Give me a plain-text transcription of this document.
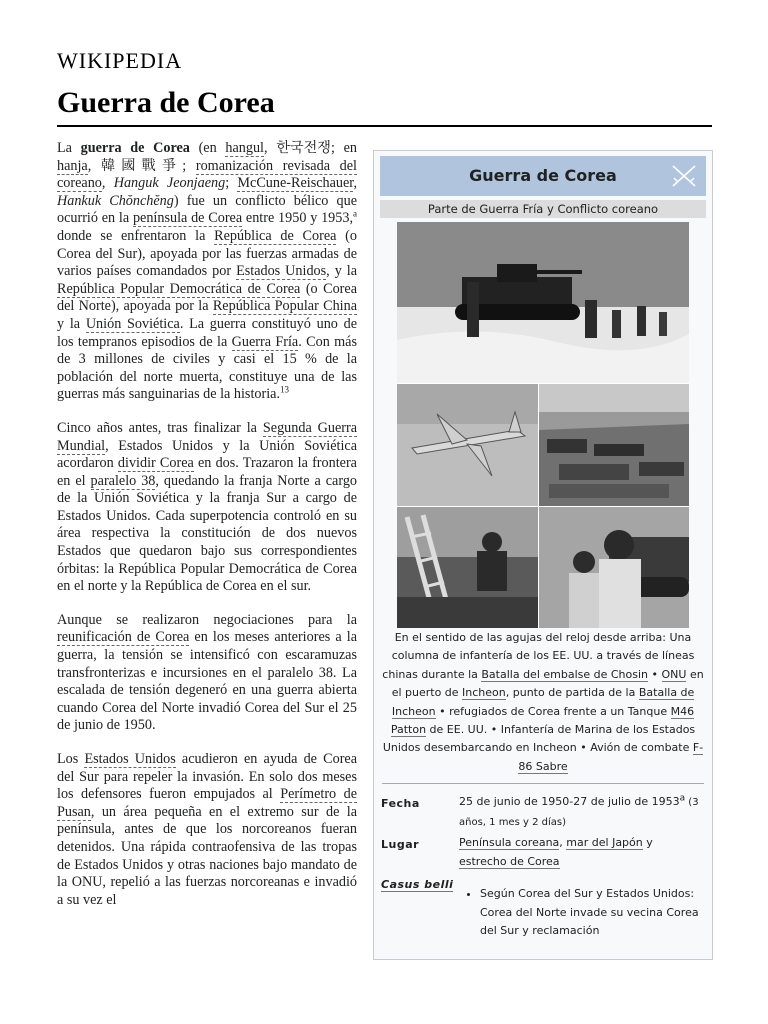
WIKIPEDIA
Guerra de Corea

La guerra de Corea (en hangul, 한국전쟁; en hanja, 韓國戰爭; romanización revisada del coreano, Hanguk Jeonjaeng; McCune-Reischauer, Hankuk Chŏnchĕng) fue un conflicto bélico que ocurrió en la península de Corea entre 1950 y 1953,$^a$ donde se enfrentaron la República de Corea (o Corea del Sur), apoyada por las fuerzas armadas de varios países comandados por Estados Unidos, y la República Popular Democrática de Corea (o Corea del Norte), apoyada por la República Popular China y la Unión Soviética. La guerra constituyó uno de los tempranos episodios de la Guerra Fría. Con más de 3 millones de civiles y casi el 15 % de la población del norte muerta, constituye una de las guerras más sanguinarias de la historia.$^{13}$

Cinco años antes, tras finalizar la Segunda Guerra Mundial, Estados Unidos y la Unión Soviética acordaron dividir Corea en dos. Trazaron la frontera en el paralelo 38, quedando la franja Norte a cargo de la Unión Soviética y la franja Sur a cargo de Estados Unidos. Cada superpotencia controló en su área respectiva la constitución de dos nuevos Estados que quedaron bajo sus correspondientes órbitas: la República Popular Democrática de Corea en el norte y la República de Corea en el sur.

Aunque se realizaron negociaciones para la reunificación de Corea en los meses anteriores a la guerra, la tensión se intensificó con escaramuzas transfronterizas e incursiones en el paralelo 38. La escalada de tensión degeneró en una guerra abierta cuando Corea del Norte invadió Corea del Sur el 25 de junio de 1950.

Los Estados Unidos acudieron en ayuda de Corea del Sur para repeler la invasión. En solo dos meses los defensores fueron empujados al Perímetro de Pusan, un área pequeña en el extremo sur de la península, antes de que los norcoreanos fueran detenidos. Una rápida contraofensiva de las tropas de Estados Unidos y otras naciones bajo mandato de la ONU, repelió a las fuerzas norcoreanas e invadió a su vez el

Guerra de Corea
Parte de Guerra Fría y Conflicto coreano
En el sentido de las agujas del reloj desde arriba: Una columna de infantería de los EE. UU. a través de líneas chinas durante la Batalla del embalse de Chosin • ONU en el puerto de Incheon, punto de partida de la Batalla de Incheon • refugiados de Corea frente a un Tanque M46 Patton de EE. UU. • Infantería de Marina de los Estados Unidos desembarcando en Incheon • Avión de combate F-86 Sabre
Fecha	25 de junio de 1950-27 de julio de 1953$^a$ (3 años, 1 mes y 2 días)
Lugar	Península coreana, mar del Japón y estrecho de Corea
Casus belli
• Según Corea del Sur y Estados Unidos: Corea del Norte invade su vecina Corea del Sur y reclamación
